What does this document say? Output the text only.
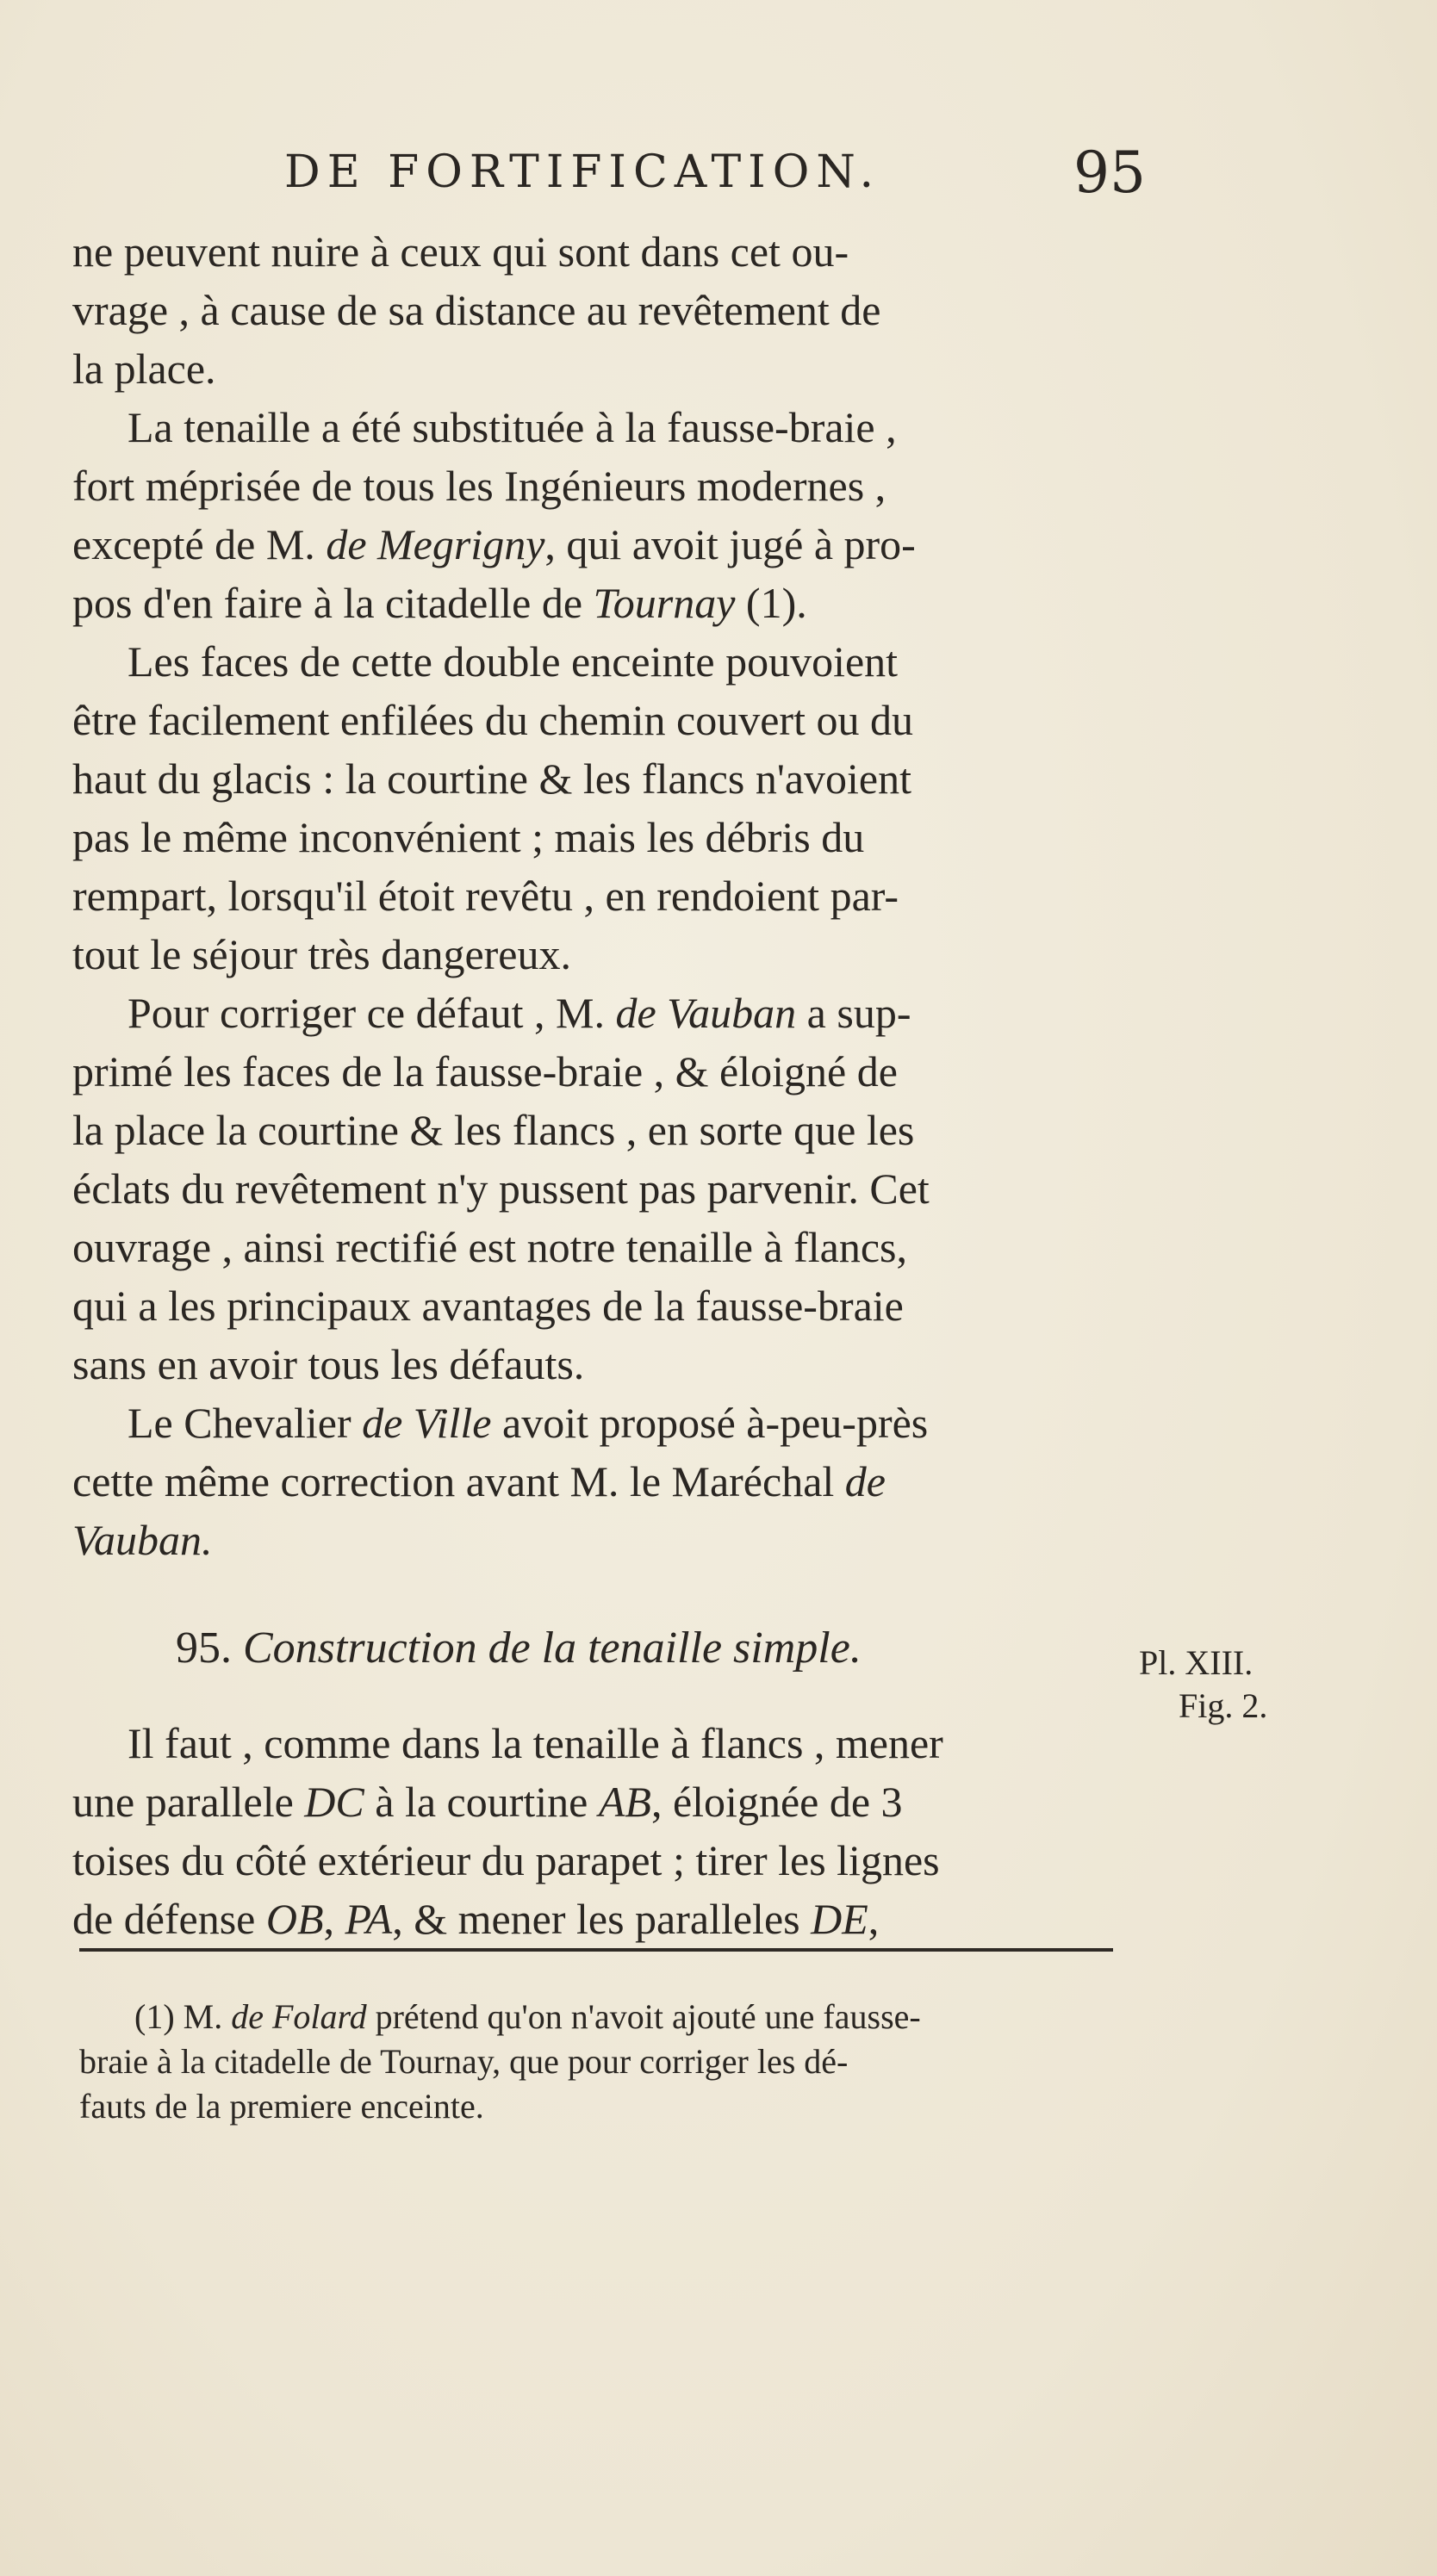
DE FORTIFICATION.	95
ne peuvent nuire à ceux qui sont dans cet ou-
vrage , à cause de sa distance au revêtement de
la place.
La tenaille a été substituée à la fausse-braie ,
fort méprisée de tous les Ingénieurs modernes ,
excepté de M. de Megrigny, qui avoit jugé à pro-
pos d'en faire à la citadelle de Tournay (1).
Les faces de cette double enceinte pouvoient
être facilement enfilées du chemin couvert ou du
haut du glacis : la courtine & les flancs n'avoient
pas le même inconvénient ; mais les débris du
rempart, lorsqu'il étoit revêtu , en rendoient par-
tout le séjour très dangereux.
Pour corriger ce défaut , M. de Vauban a sup-
primé les faces de la fausse-braie , & éloigné de
la place la courtine & les flancs , en sorte que les
éclats du revêtement n'y pussent pas parvenir. Cet
ouvrage , ainsi rectifié est notre tenaille à flancs,
qui a les principaux avantages de la fausse-braie
sans en avoir tous les défauts.
Le Chevalier de Ville avoit proposé à-peu-près
cette même correction avant M. le Maréchal de
Vauban.
95. Construction de la tenaille simple.
Il faut , comme dans la tenaille à flancs , mener
une parallele DC à la courtine AB, éloignée de 3
toises du côté extérieur du parapet ; tirer les lignes
de défense OB, PA, & mener les paralleles DE,
Pl. XIII.
Fig. 2.
(1) M. de Folard prétend qu'on n'avoit ajouté une fausse-
braie à la citadelle de Tournay, que pour corriger les dé-
fauts de la premiere enceinte.
